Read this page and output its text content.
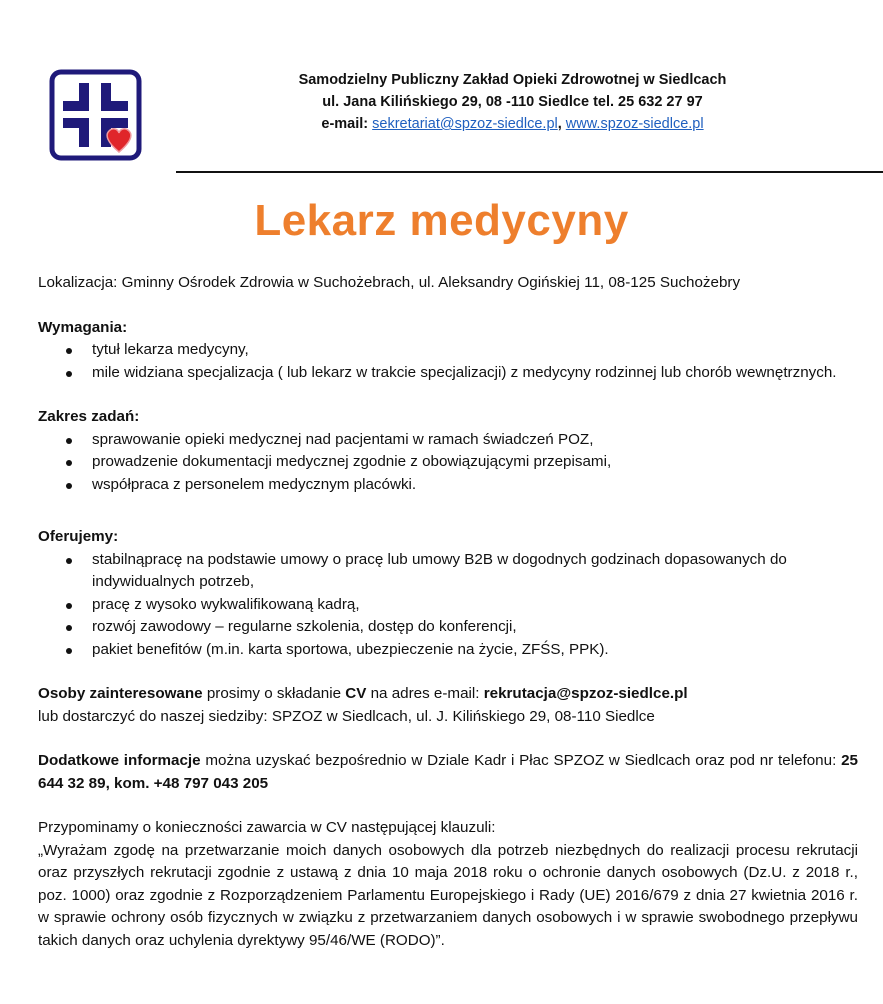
Samodzielny Publiczny Zakład Opieki Zdrowotnej w Siedlcach
ul. Jana Kilińskiego 29, 08 -110 Siedlce tel. 25 632 27 97
e-mail: sekretariat@spzoz-siedlce.pl, www.spzoz-siedlce.pl
Lekarz medycyny

Lokalizacja: Gminny Ośrodek Zdrowia w Suchożebrach, ul. Aleksandry Ogińskiej 11, 08-125 Suchożebry

Wymagania:

tytuł lekarza medycyny,
mile widziana specjalizacja ( lub lekarz w trakcie specjalizacji) z medycyny rodzinnej lub chorób wewnętrznych.

Zakres zadań:

sprawowanie opieki medycznej nad pacjentami w ramach świadczeń POZ,
prowadzenie dokumentacji medycznej zgodnie z obowiązującymi przepisami,
współpraca z personelem medycznym placówki.

Oferujemy:

stabilnąpracę na podstawie umowy o pracę lub umowy B2B w dogodnych godzinach dopasowanych do indywidualnych potrzeb,
pracę z wysoko wykwalifikowaną kadrą,
rozwój zawodowy – regularne szkolenia, dostęp do konferencji,
pakiet benefitów (m.in. karta sportowa, ubezpieczenie na życie, ZFŚS, PPK).

Osoby zainteresowane prosimy o składanie CV na adres e-mail: rekrutacja@spzoz-siedlce.pl

lub dostarczyć do naszej siedziby: SPZOZ w Siedlcach, ul. J. Kilińskiego 29, 08-110 Siedlce

Dodatkowe informacje można uzyskać bezpośrednio w Dziale Kadr i Płac SPZOZ w Siedlcach oraz pod nr telefonu: 25 644 32 89, kom. +48 797 043 205

Przypominamy o konieczności zawarcia w CV następującej klauzuli:

„Wyrażam zgodę na przetwarzanie moich danych osobowych dla potrzeb niezbędnych do realizacji procesu rekrutacji oraz przyszłych rekrutacji zgodnie z ustawą z dnia 10 maja 2018 roku o ochronie danych osobowych (Dz.U. z 2018 r., poz. 1000) oraz zgodnie z Rozporządzeniem Parlamentu Europejskiego i Rady (UE) 2016/679 z dnia 27 kwietnia 2016 r. w sprawie ochrony osób fizycznych w związku z przetwarzaniem danych osobowych i w sprawie swobodnego przepływu takich danych oraz uchylenia dyrektywy 95/46/WE (RODO)”.
